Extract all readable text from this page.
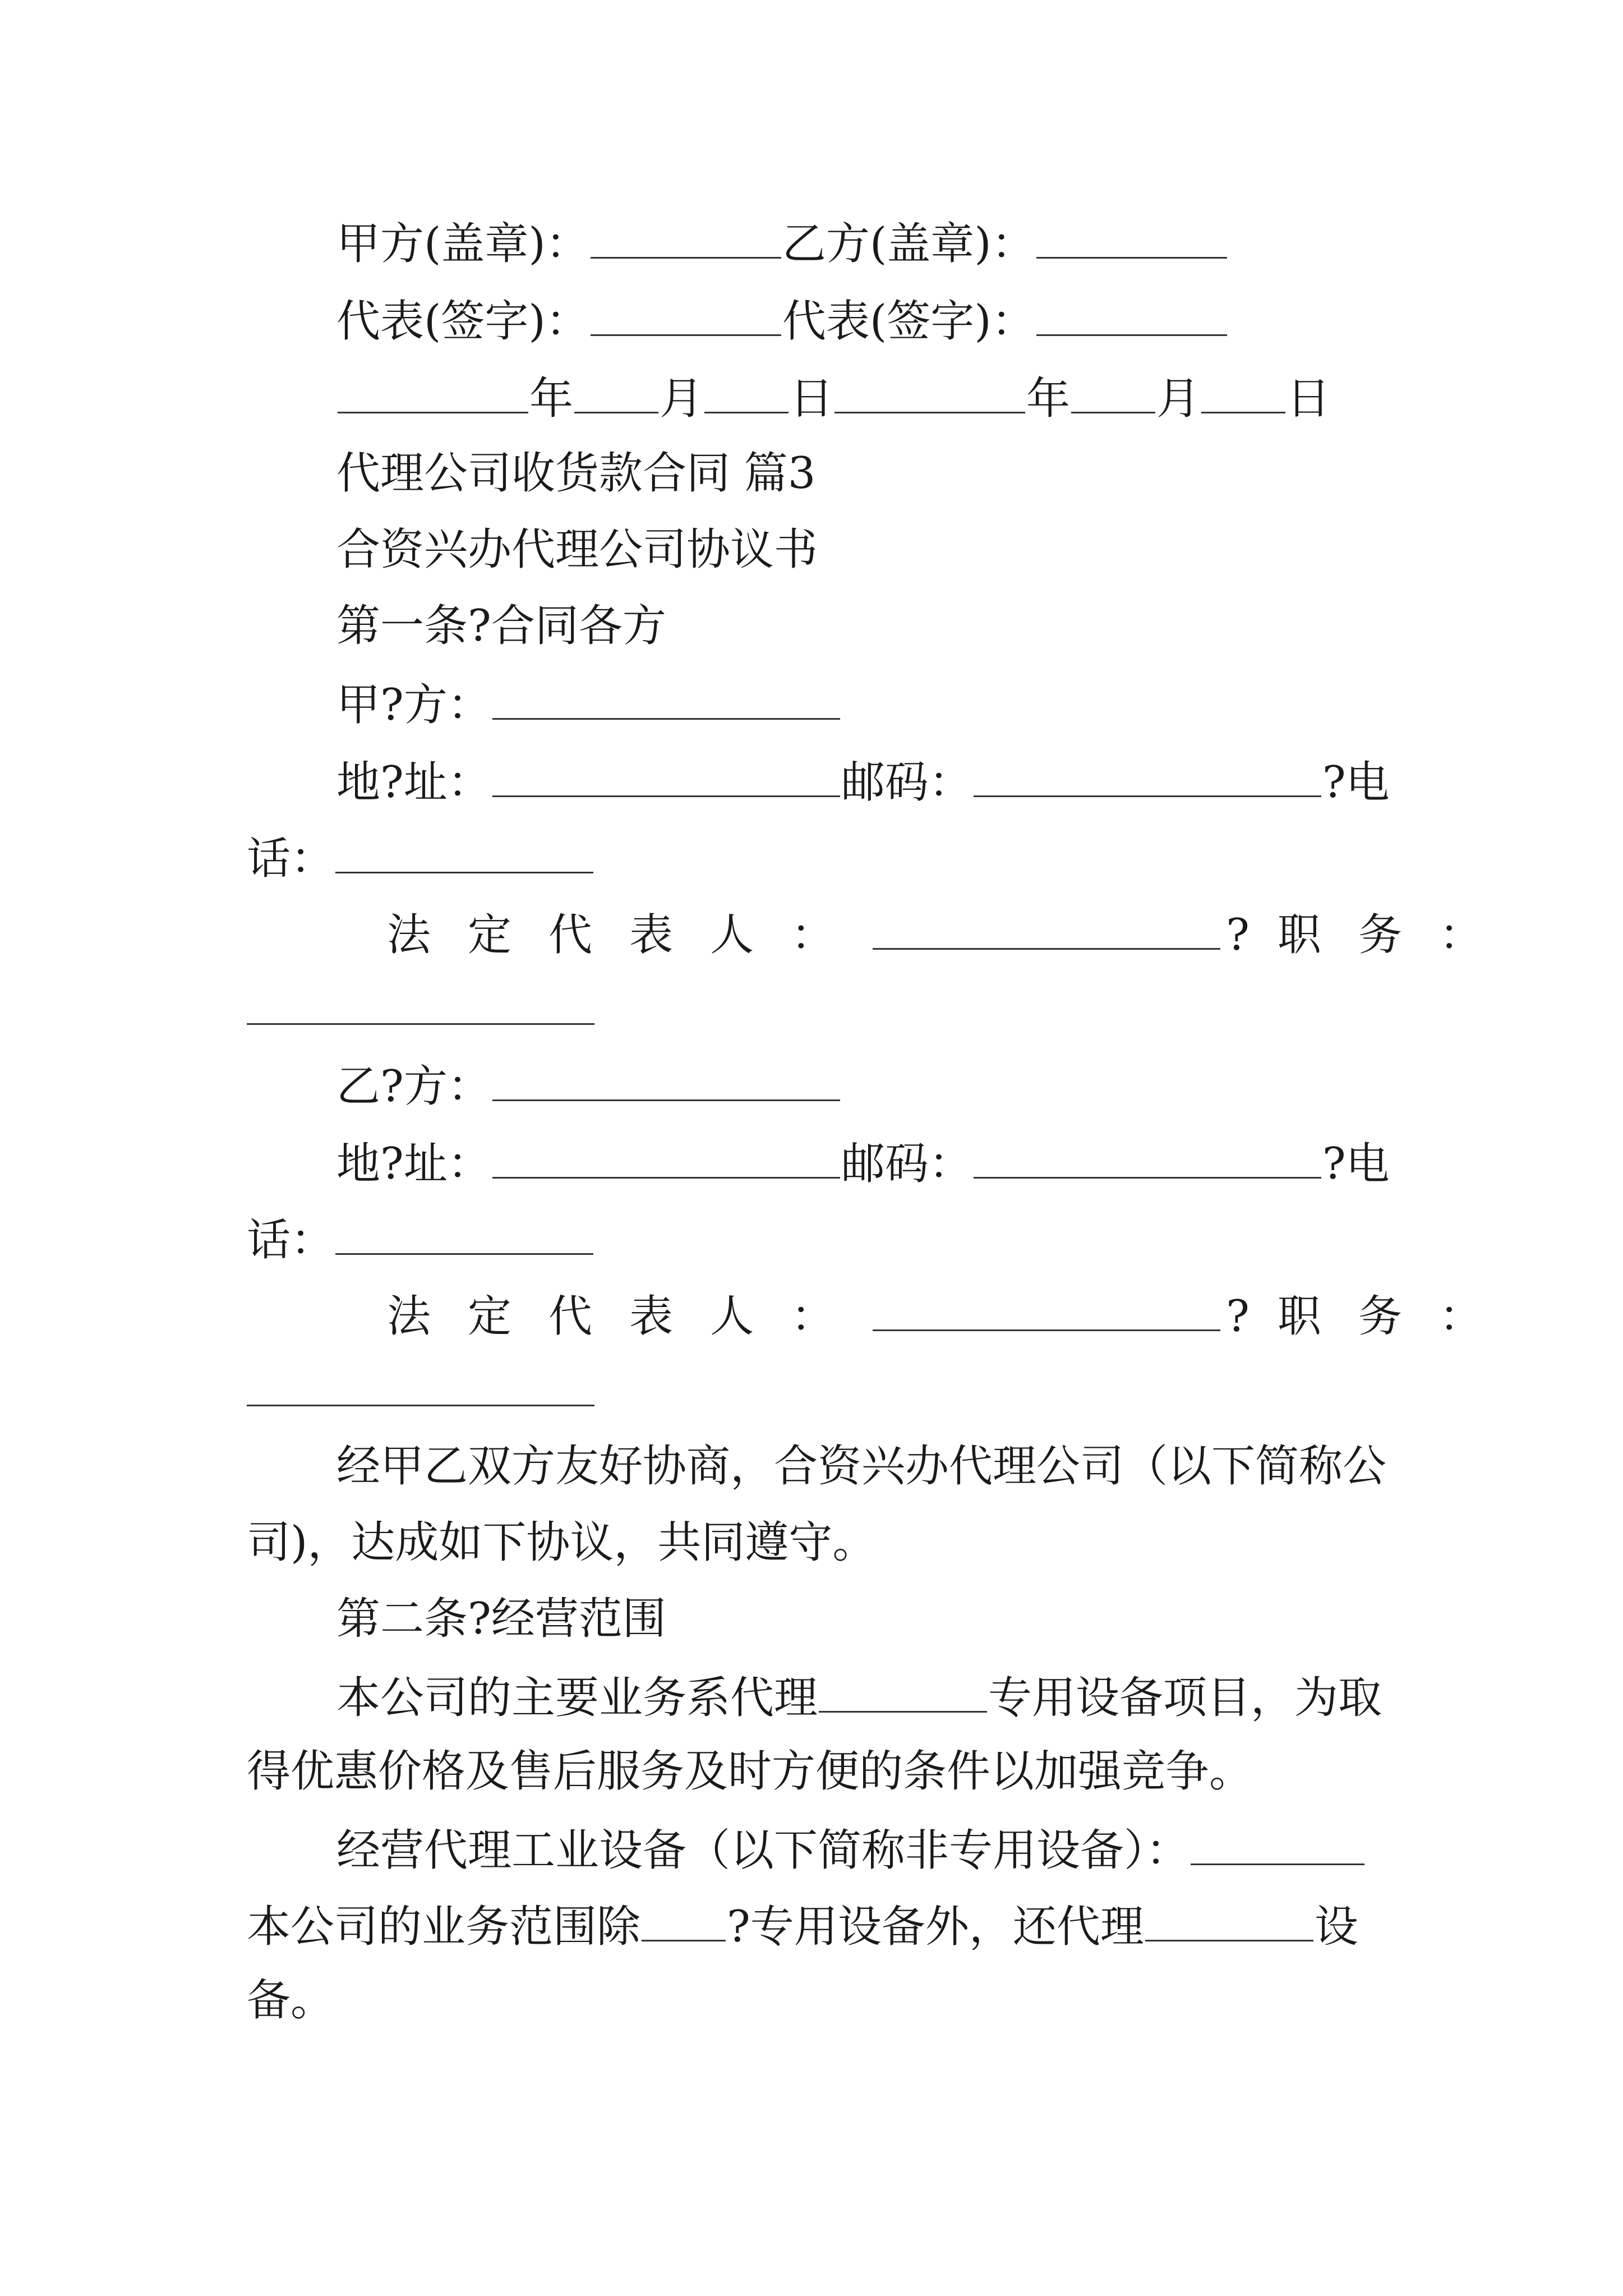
甲方(盖章)：	乙方(盖章)：
代表(签字)：	代表(签字)：
年 月 日	年 月 日
代理公司收货款合同 篇3
合资兴办代理公司协议书
第一条?合同各方
甲?方：
地?址：	邮码：	?电
话：
法 定 代 表 人 ：	? 职 务 ：
乙?方：
地?址：	邮码：	?电
话：
法 定 代 表 人 ：	? 职 务 ：
经甲乙双方友好协商，合资兴办代理公司（以下简称公
司)，达成如下协议，共同遵守。
第二条?经营范围
本公司的主要业务系代理	专用设备项目，为取
得优惠价格及售后服务及时方便的条件以加强竞争。
经营代理工业设备（以下简称非专用设备）：
本公司的业务范围除 ?专用设备外，还代理	设
备。
